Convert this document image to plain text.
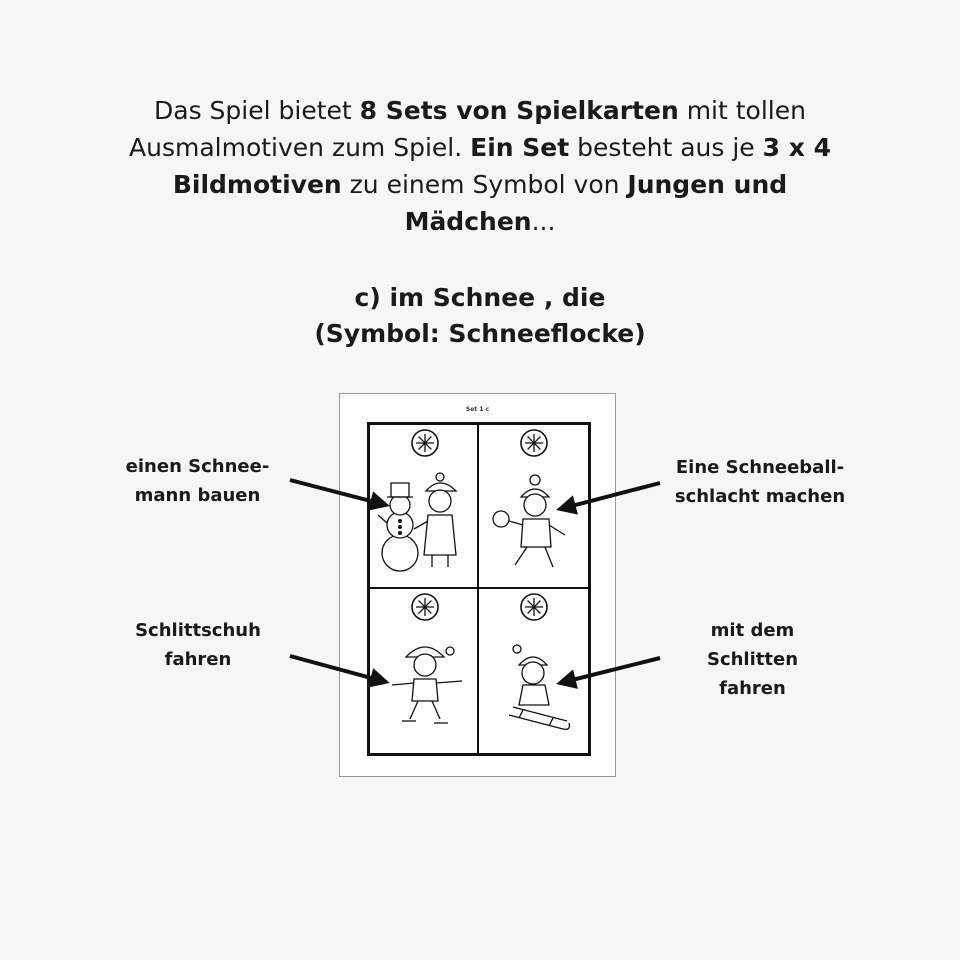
Das Spiel bietet 8 Sets von Spielkarten mit tollen Ausmalmotiven zum Spiel. Ein Set besteht aus je 3 x 4 Bildmotiven zu einem Symbol von Jungen und Mädchen...
c) im Schnee , die
(Symbol: Schneeflocke)
Set 1 c
einen Schnee-
mann bauen
Eine Schneeball-
schlacht machen
Schlittschuh
fahren
mit dem
Schlitten
fahren
